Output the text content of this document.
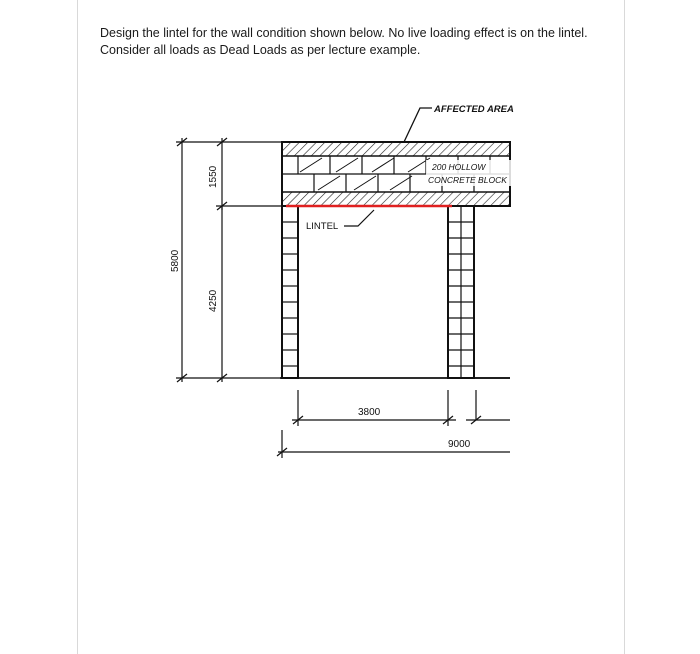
Design the lintel for the wall condition shown below. No live loading effect is on the lintel.
Consider all loads as Dead Loads as per lecture example.
AFFECTED AREA
200 HOLLOW
CONCRETE BLOCK
LINTEL
5800
1550
4250
3800
9000
